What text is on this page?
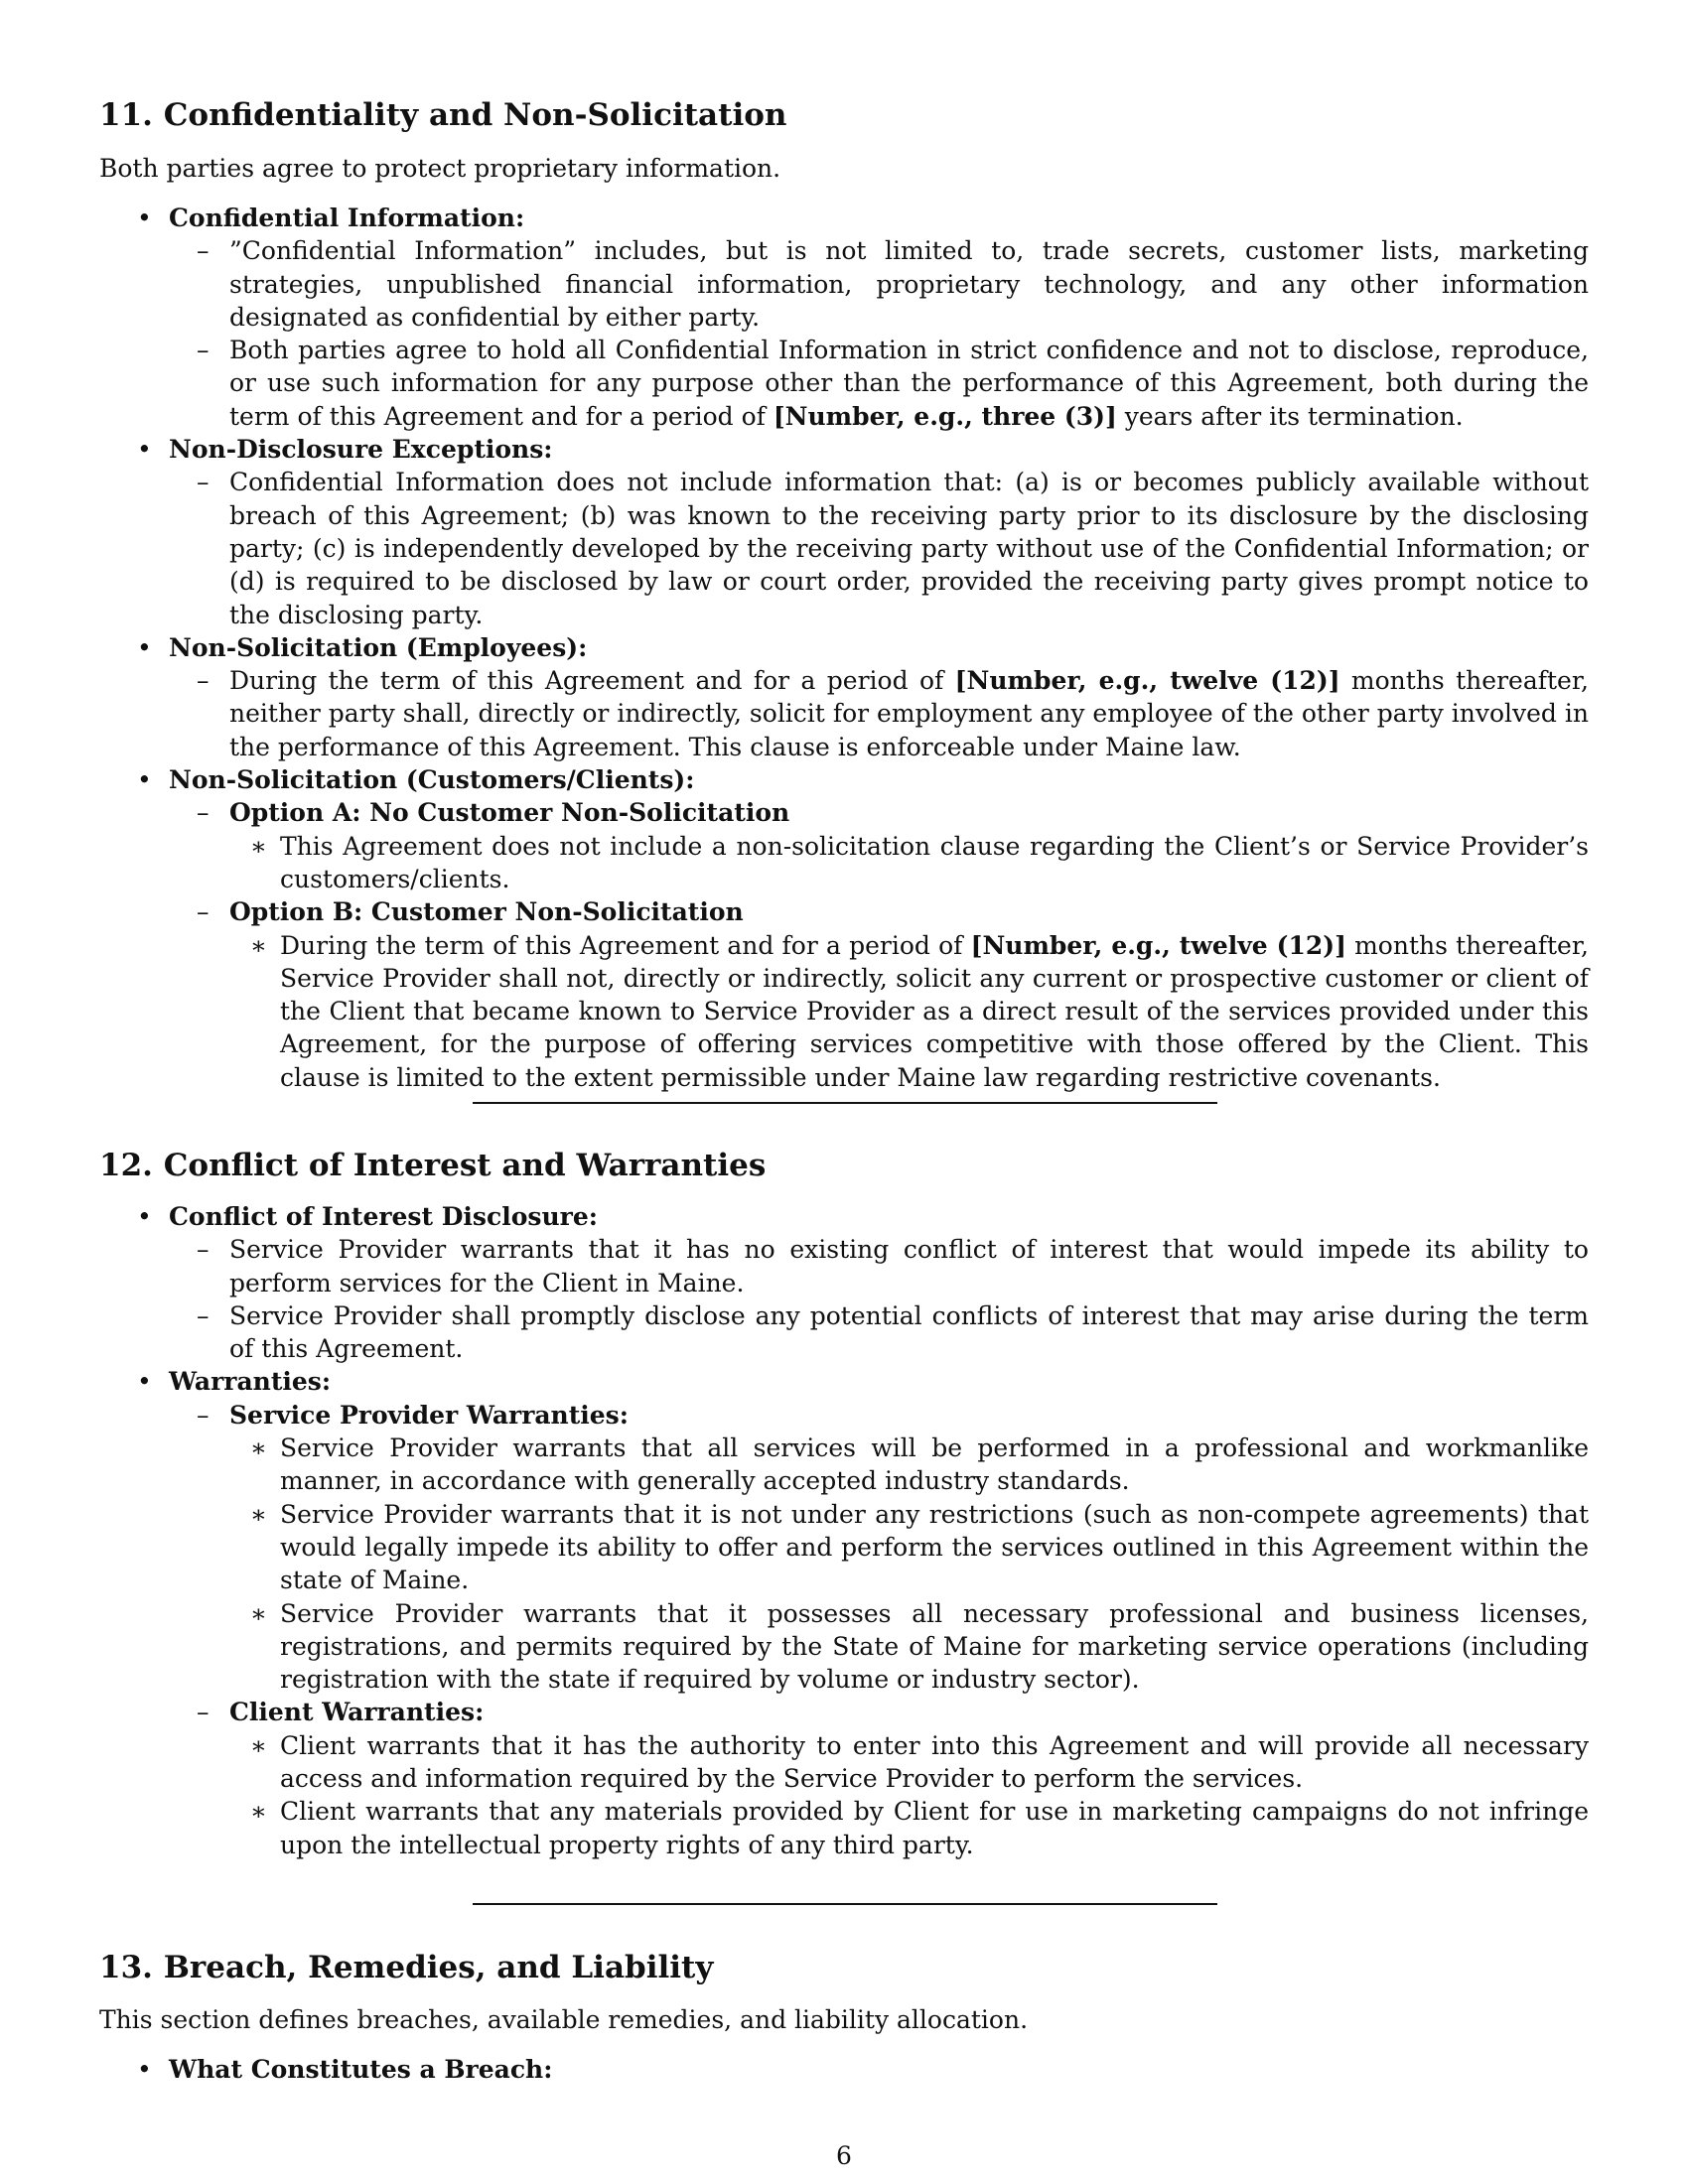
11. Confidentiality and Non-Solicitation

Both parties agree to protect proprietary information.

• Confidential Information:
– ”Confidential Information” includes, but is not limited to, trade secrets, customer lists, marketing strategies, unpublished financial information, proprietary technology, and any other information designated as confidential by either party.
– Both parties agree to hold all Confidential Information in strict confidence and not to disclose, reproduce, or use such information for any purpose other than the performance of this Agreement, both during the term of this Agreement and for a period of [Number, e.g., three (3)] years after its termination.
• Non-Disclosure Exceptions:
– Confidential Information does not include information that: (a) is or becomes publicly available without breach of this Agreement; (b) was known to the receiving party prior to its disclosure by the disclosing party; (c) is independently developed by the receiving party without use of the Confidential Information; or (d) is required to be disclosed by law or court order, provided the receiving party gives prompt notice to the disclosing party.
• Non-Solicitation (Employees):
– During the term of this Agreement and for a period of [Number, e.g., twelve (12)] months thereafter, neither party shall, directly or indirectly, solicit for employment any employee of the other party involved in the performance of this Agreement. This clause is enforceable under Maine law.
• Non-Solicitation (Customers/Clients):
– Option A: No Customer Non-Solicitation
∗ This Agreement does not include a non-solicitation clause regarding the Client’s or Service Provider’s customers/clients.
– Option B: Customer Non-Solicitation
∗ During the term of this Agreement and for a period of [Number, e.g., twelve (12)] months thereafter, Service Provider shall not, directly or indirectly, solicit any current or prospective customer or client of the Client that became known to Service Provider as a direct result of the services provided under this Agreement, for the purpose of offering services competitive with those offered by the Client. This clause is limited to the extent permissible under Maine law regarding restrictive covenants.
12. Conflict of Interest and Warranties
• Conflict of Interest Disclosure:
– Service Provider warrants that it has no existing conflict of interest that would impede its ability to perform services for the Client in Maine.
– Service Provider shall promptly disclose any potential conflicts of interest that may arise during the term of this Agreement.
• Warranties:
– Service Provider Warranties:
∗ Service Provider warrants that all services will be performed in a professional and workmanlike manner, in accordance with generally accepted industry standards.
∗ Service Provider warrants that it is not under any restrictions (such as non-compete agreements) that would legally impede its ability to offer and perform the services outlined in this Agreement within the state of Maine.
∗ Service Provider warrants that it possesses all necessary professional and business licenses, registrations, and permits required by the State of Maine for marketing service operations (including registration with the state if required by volume or industry sector).
– Client Warranties:
∗ Client warrants that it has the authority to enter into this Agreement and will provide all necessary access and information required by the Service Provider to perform the services.
∗ Client warrants that any materials provided by Client for use in marketing campaigns do not infringe upon the intellectual property rights of any third party.
13. Breach, Remedies, and Liability

This section defines breaches, available remedies, and liability allocation.

• What Constitutes a Breach:
6
